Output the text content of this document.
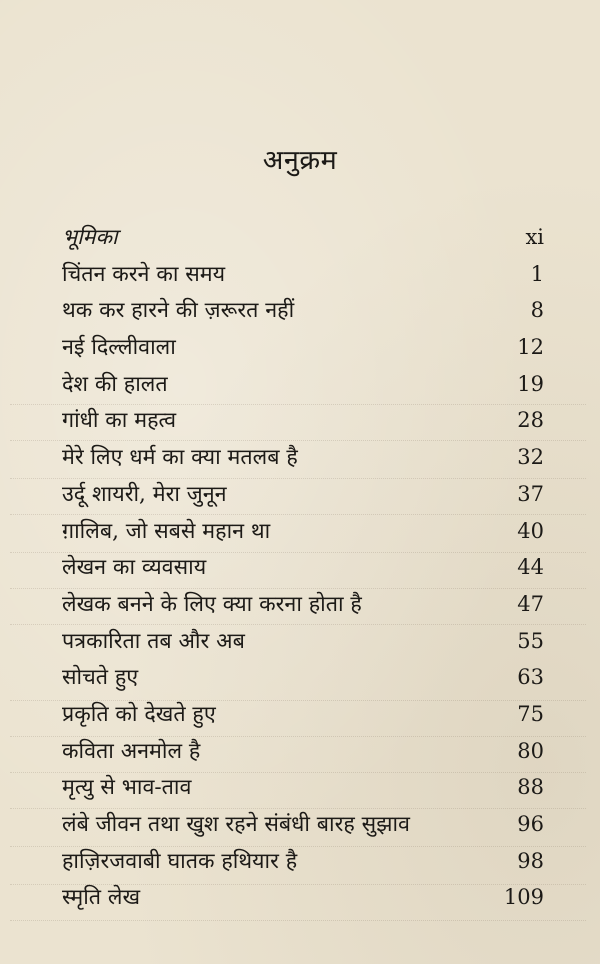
अनुक्रम
भूमिका	xi
चिंतन करने का समय	1
थक कर हारने की ज़रूरत नहीं	8
नई दिल्लीवाला	12
देश की हालत	19
गांधी का महत्व	28
मेरे लिए धर्म का क्या मतलब है	32
उर्दू शायरी, मेरा जुनून	37
ग़ालिब, जो सबसे महान था	40
लेखन का व्यवसाय	44
लेखक बनने के लिए क्या करना होता है	47
पत्रकारिता तब और अब	55
सोचते हुए	63
प्रकृति को देखते हुए	75
कविता अनमोल है	80
मृत्यु से भाव-ताव	88
लंबे जीवन तथा खुश रहने संबंधी बारह सुझाव	96
हाज़िरजवाबी घातक हथियार है	98
स्मृति लेख	109
